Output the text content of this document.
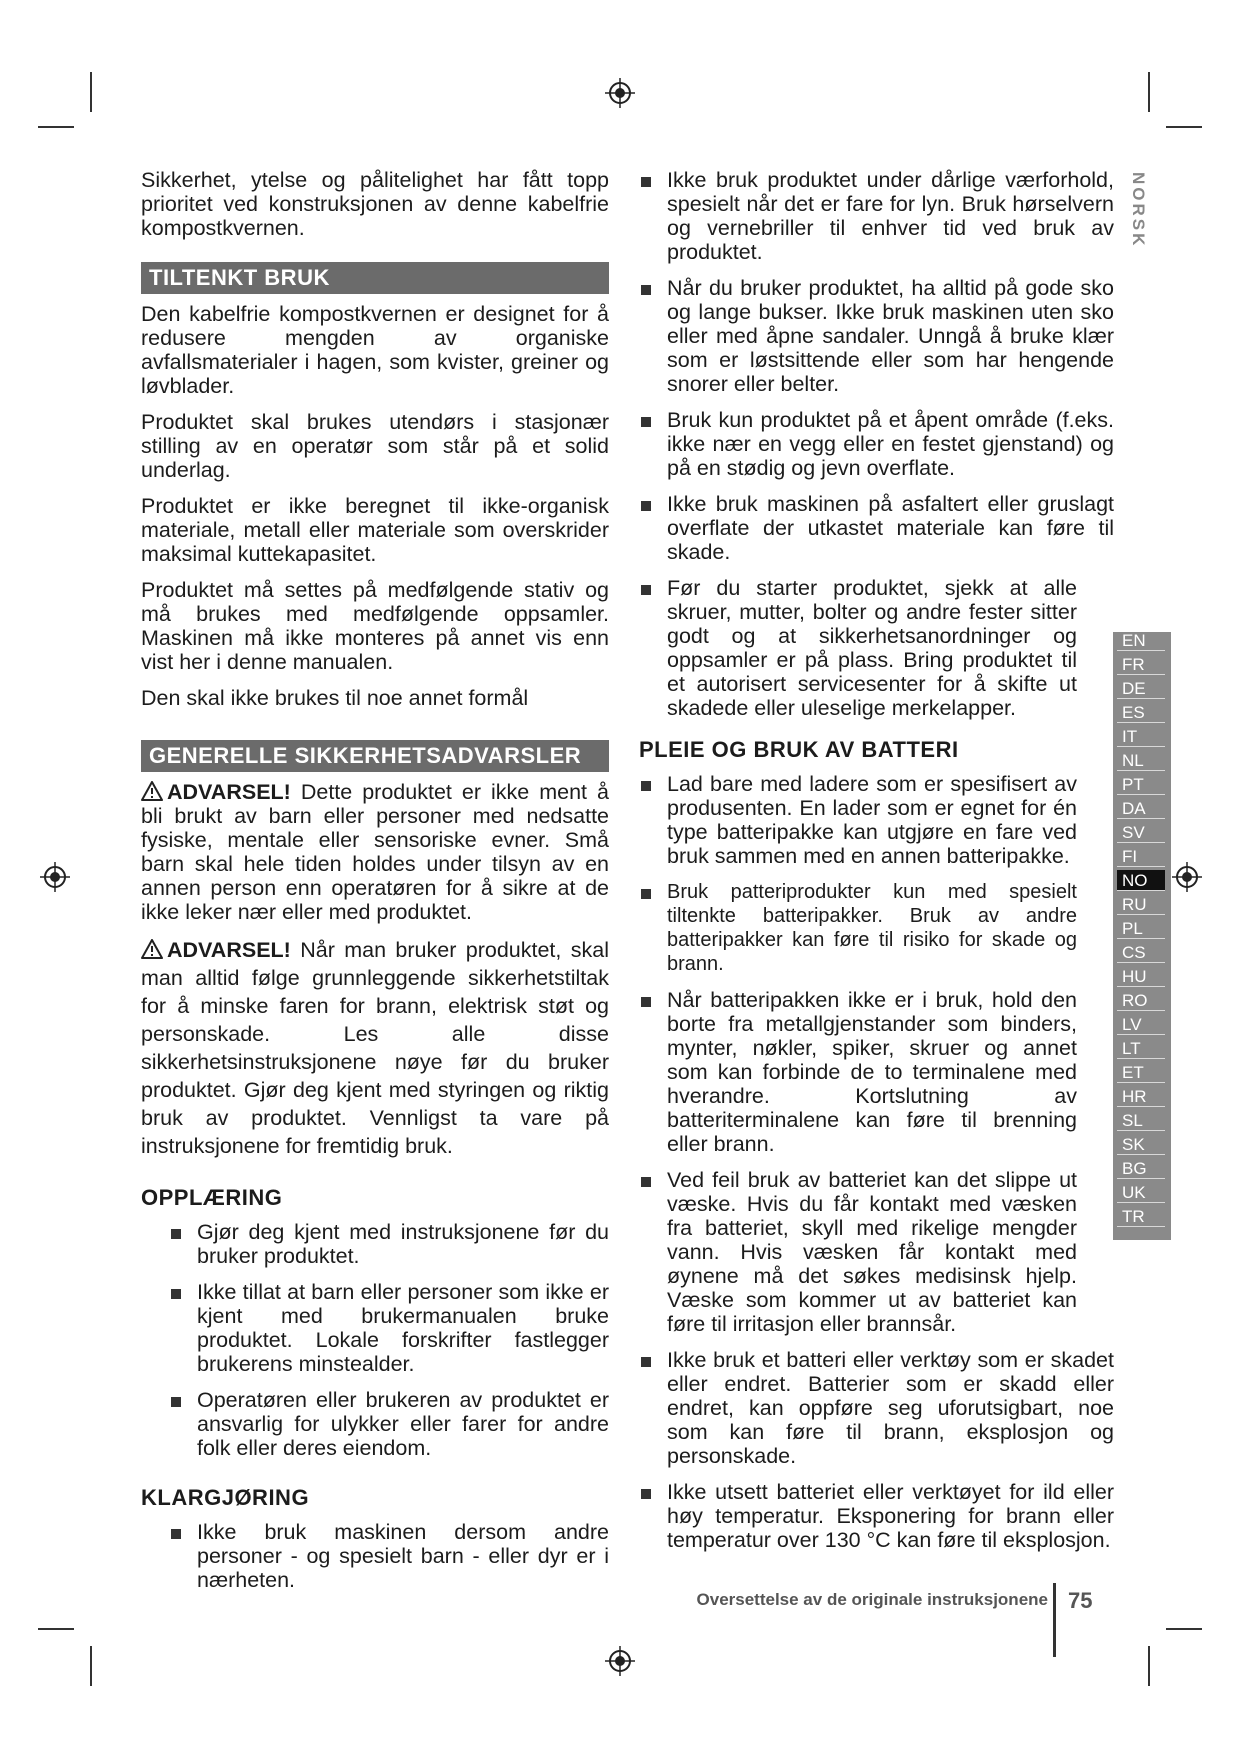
NORSK

Sikkerhet, ytelse og pålitelighet har fått topp prioritet ved konstruksjonen av denne kabelfrie kompostkvernen.

TILTENKT BRUK

Den kabelfrie kompostkvernen er designet for å redusere mengden av organiske avfallsmaterialer i hagen, som kvister, greiner og løvblader.

Produktet skal brukes utendørs i stasjonær stilling av en operatør som står på et solid underlag.

Produktet er ikke beregnet til ikke-organisk materiale, metall eller materiale som overskrider maksimal kuttekapasitet.

Produktet må settes på medfølgende stativ og må brukes med medfølgende oppsamler. Maskinen må ikke monteres på annet vis enn vist her i denne manualen.

Den skal ikke brukes til noe annet formål

GENERELLE SIKKERHETSADVARSLER

ADVARSEL! Dette produktet er ikke ment å bli brukt av barn eller personer med nedsatte fysiske, mentale eller sensoriske evner. Små barn skal hele tiden holdes under tilsyn av en annen person enn operatøren for å sikre at de ikke leker nær eller med produktet.

ADVARSEL! Når man bruker produktet, skal man alltid følge grunnleggende sikkerhetstiltak for å minske faren for brann, elektrisk støt og personskade. Les alle disse sikkerhetsinstruksjonene nøye før du bruker produktet. Gjør deg kjent med styringen og riktig bruk av produktet. Vennligst ta vare på instruksjonene for fremtidig bruk.

OPPLÆRING
Gjør deg kjent med instruksjonene før du bruker produktet.
Ikke tillat at barn eller personer som ikke er kjent med brukermanualen bruke produktet. Lokale forskrifter fastlegger brukerens minstealder.
Operatøren eller brukeren av produktet er ansvarlig for ulykker eller farer for andre folk eller deres eiendom.
KLARGJØRING
Ikke bruk maskinen dersom andre personer - og spesielt barn - eller dyr er i nærheten.
Ikke bruk produktet under dårlige værforhold, spesielt når det er fare for lyn. Bruk hørselvern og vernebriller til enhver tid ved bruk av produktet.
Når du bruker produktet, ha alltid på gode sko og lange bukser. Ikke bruk maskinen uten sko eller med åpne sandaler. Unngå å bruke klær som er løstsittende eller som har hengende snorer eller belter.
Bruk kun produktet på et åpent område (f.eks. ikke nær en vegg eller en festet gjenstand) og på en stødig og jevn overflate.
Ikke bruk maskinen på asfaltert eller gruslagt overflate der utkastet materiale kan føre til skade.
Før du starter produktet, sjekk at alle skruer, mutter, bolter og andre fester sitter godt og at sikkerhetsanordninger og oppsamler er på plass. Bring produktet til et autorisert servicesenter for å skifte ut skadede eller uleselige merkelapper.
PLEIE OG BRUK AV BATTERI
Lad bare med ladere som er spesifisert av produsenten. En lader som er egnet for én type batteripakke kan utgjøre en fare ved bruk sammen med en annen batteripakke.
Bruk patteriprodukter kun med spesielt tiltenkte batteripakker. Bruk av andre batteripakker kan føre til risiko for skade og brann.
Når batteripakken ikke er i bruk, hold den borte fra metallgjenstander som binders, mynter, nøkler, spiker, skruer og annet som kan forbinde de to terminalene med hverandre. Kortslutning av batteriterminalene kan føre til brenning eller brann.
Ved feil bruk av batteriet kan det slippe ut væske. Hvis du får kontakt med væsken fra batteriet, skyll med rikelige mengder vann. Hvis væsken får kontakt med øynene må det søkes medisinsk hjelp. Væske som kommer ut av batteriet kan føre til irritasjon eller brannsår.
Ikke bruk et batteri eller verktøy som er skadet eller endret. Batterier som er skadd eller endret, kan oppføre seg uforutsigbart, noe som kan føre til brann, eksplosjon og personskade.
Ikke utsett batteriet eller verktøyet for ild eller høy temperatur. Eksponering for brann eller temperatur over 130 °C kan føre til eksplosjon.
EN
FR
DE
ES
IT
NL
PT
DA
SV
FI
NO
RU
PL
CS
HU
RO
LV
LT
ET
HR
SL
SK
BG
UK
TR
Oversettelse av de originale instruksjonene 75
